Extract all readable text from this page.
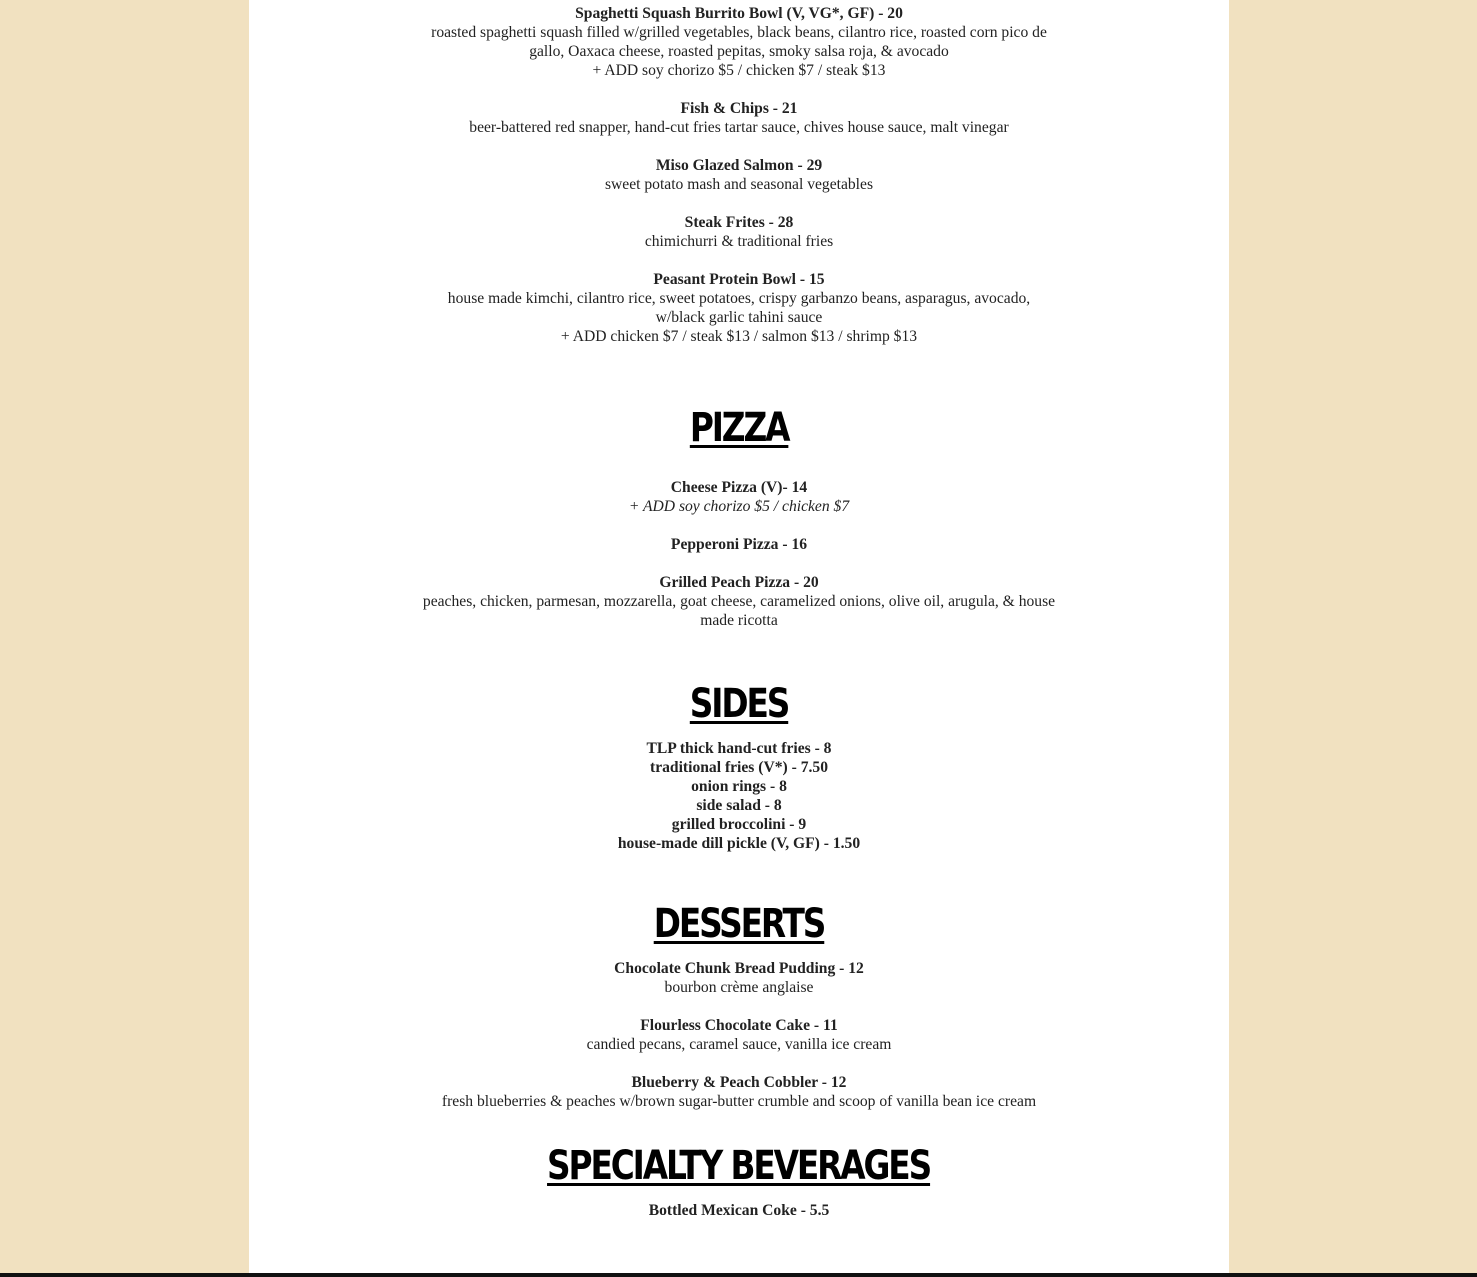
Spaghetti Squash Burrito Bowl (V, VG*, GF) - 20
roasted spaghetti squash filled w/grilled vegetables, black beans, cilantro rice, roasted corn pico de
gallo, Oaxaca cheese, roasted pepitas, smoky salsa roja, & avocado
+ ADD soy chorizo $5 / chicken $7 / steak $13
Fish & Chips - 21
beer-battered red snapper, hand-cut fries tartar sauce, chives house sauce, malt vinegar
Miso Glazed Salmon - 29
sweet potato mash and seasonal vegetables
Steak Frites - 28
chimichurri & traditional fries
Peasant Protein Bowl - 15
house made kimchi, cilantro rice, sweet potatoes, crispy garbanzo beans, asparagus, avocado,
w/black garlic tahini sauce
+ ADD chicken $7 / steak $13 / salmon $13 / shrimp $13
PIZZA
Cheese Pizza (V)- 14
+ ADD soy chorizo $5 / chicken $7
Pepperoni Pizza - 16
Grilled Peach Pizza - 20
peaches, chicken, parmesan, mozzarella, goat cheese, caramelized onions, olive oil, arugula, & house
made ricotta
SIDES
TLP thick hand-cut fries - 8
traditional fries (V*) - 7.50
onion rings - 8
side salad - 8
grilled broccolini - 9
house-made dill pickle (V, GF) - 1.50
DESSERTS
Chocolate Chunk Bread Pudding - 12
bourbon crème anglaise
Flourless Chocolate Cake - 11
candied pecans, caramel sauce, vanilla ice cream
Blueberry & Peach Cobbler - 12
fresh blueberries & peaches w/brown sugar-butter crumble and scoop of vanilla bean ice cream
SPECIALTY BEVERAGES
Bottled Mexican Coke - 5.5
